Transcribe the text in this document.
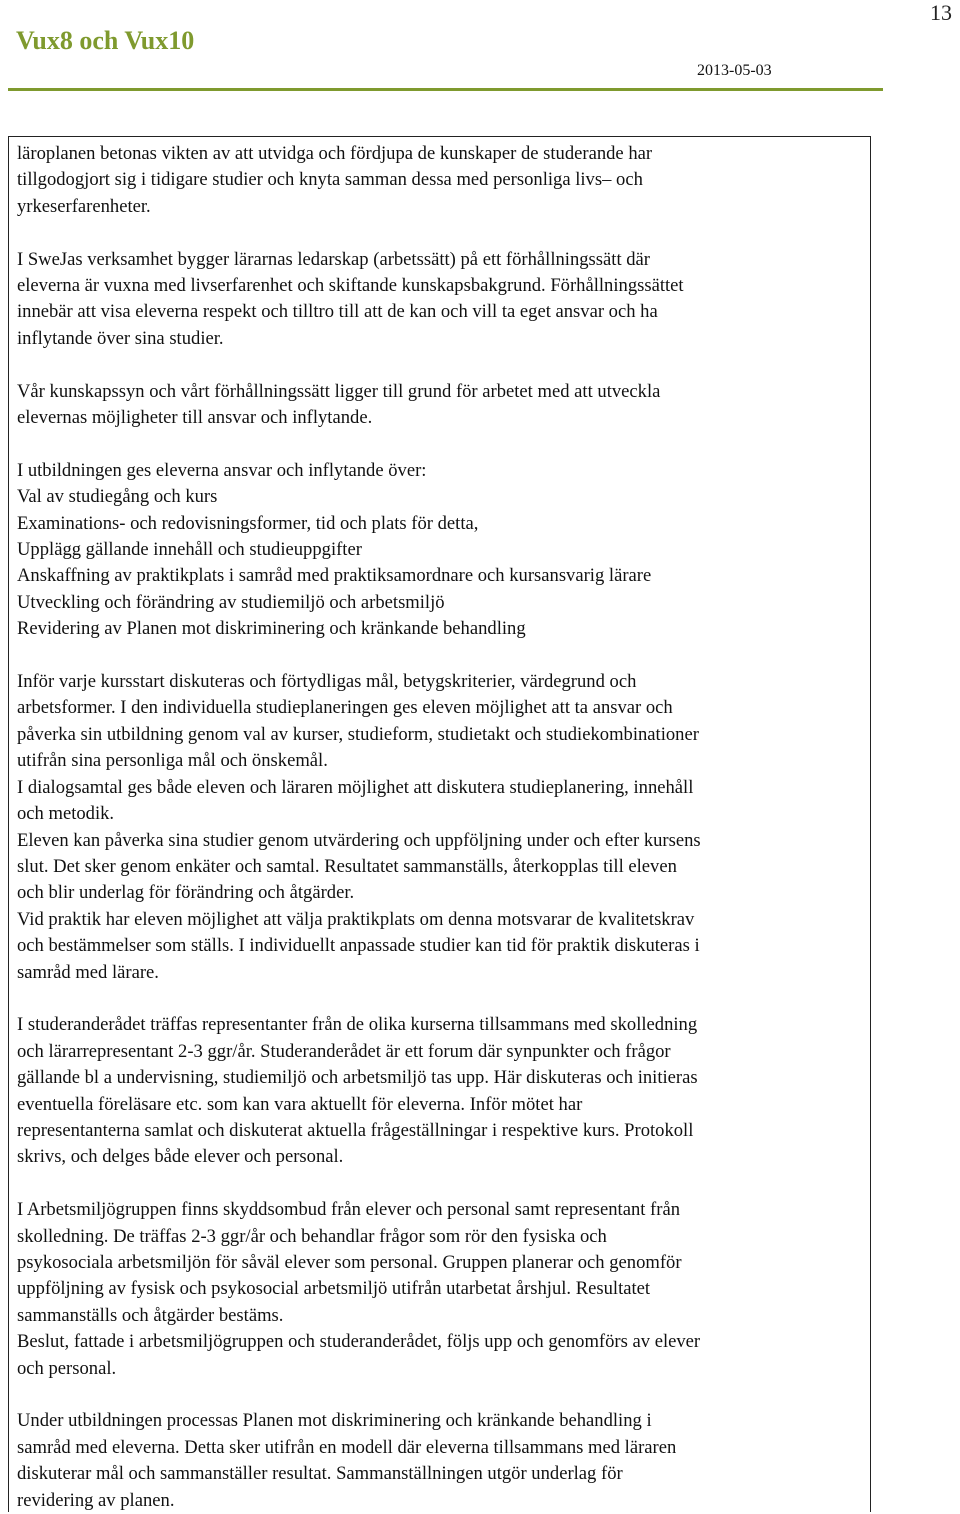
13
Vux8 och Vux10
2013-05-03

läroplanen betonas vikten av att utvidga och fördjupa de kunskaper de studerande har

tillgodogjort sig i tidigare studier och knyta samman dessa med personliga livs– och

yrkeserfarenheter.

I SweJas verksamhet bygger lärarnas ledarskap (arbetssätt) på ett förhållningssätt där

eleverna är vuxna med livserfarenhet och skiftande kunskapsbakgrund. Förhållningssättet

innebär att visa eleverna respekt och tilltro till att de kan och vill ta eget ansvar och ha

inflytande över sina studier.

Vår kunskapssyn och vårt förhållningssätt ligger till grund för arbetet med att utveckla

elevernas möjligheter till ansvar och inflytande.

I utbildningen ges eleverna ansvar och inflytande över:

Val av studiegång och kurs

Examinations- och redovisningsformer, tid och plats för detta,

Upplägg gällande innehåll och studieuppgifter

Anskaffning av praktikplats i samråd med praktiksamordnare och kursansvarig lärare

Utveckling och förändring av studiemiljö och arbetsmiljö

Revidering av Planen mot diskriminering och kränkande behandling

Inför varje kursstart diskuteras och förtydligas mål, betygskriterier, värdegrund och

arbetsformer. I den individuella studieplaneringen ges eleven möjlighet att ta ansvar och

påverka sin utbildning genom val av kurser, studieform, studietakt och studiekombinationer

utifrån sina personliga mål och önskemål.

I dialogsamtal ges både eleven och läraren möjlighet att diskutera studieplanering, innehåll

och metodik.

Eleven kan påverka sina studier genom utvärdering och uppföljning under och efter kursens

slut. Det sker genom enkäter och samtal. Resultatet sammanställs, återkopplas till eleven

och blir underlag för förändring och åtgärder.

Vid praktik har eleven möjlighet att välja praktikplats om denna motsvarar de kvalitetskrav

och bestämmelser som ställs. I individuellt anpassade studier kan tid för praktik diskuteras i

samråd med lärare.

I studeranderådet träffas representanter från de olika kurserna tillsammans med skolledning

och lärarrepresentant 2-3 ggr/år. Studeranderådet är ett forum där synpunkter och frågor

gällande bl a undervisning, studiemiljö och arbetsmiljö tas upp. Här diskuteras och initieras

eventuella föreläsare etc. som kan vara aktuellt för eleverna. Inför mötet har

representanterna samlat och diskuterat aktuella frågeställningar i respektive kurs. Protokoll

skrivs, och delges både elever och personal.

I Arbetsmiljögruppen finns skyddsombud från elever och personal samt representant från

skolledning. De träffas 2-3 ggr/år och behandlar frågor som rör den fysiska och

psykosociala arbetsmiljön för såväl elever som personal. Gruppen planerar och genomför

uppföljning av fysisk och psykosocial arbetsmiljö utifrån utarbetat årshjul. Resultatet

sammanställs och åtgärder bestäms.

Beslut, fattade i arbetsmiljögruppen och studeranderådet, följs upp och genomförs av elever

och personal.

Under utbildningen processas Planen mot diskriminering och kränkande behandling i

samråd med eleverna. Detta sker utifrån en modell där eleverna tillsammans med läraren

diskuterar mål och sammanställer resultat. Sammanställningen utgör underlag för

revidering av planen.
